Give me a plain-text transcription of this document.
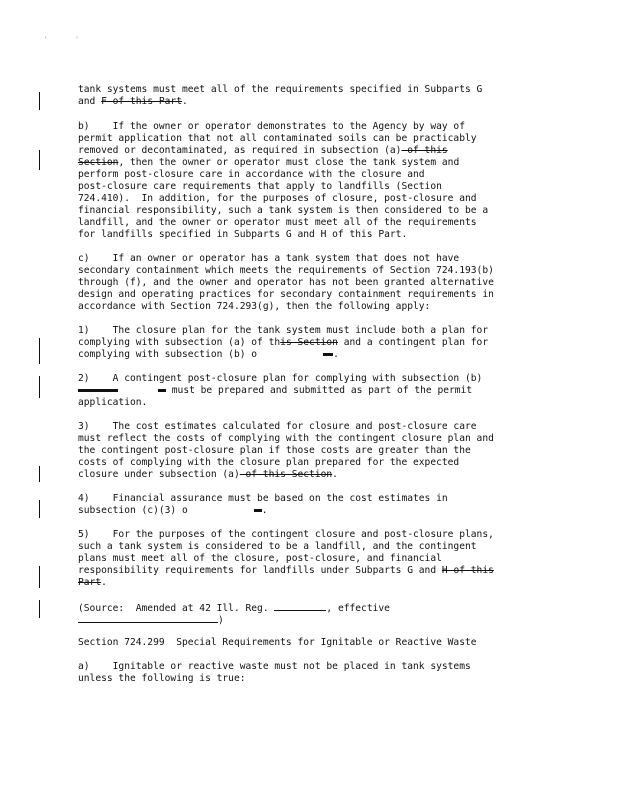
' '
tank systems must meet all of the requirements specified in Subparts G
and F of this Part.
b)    If the owner or operator demonstrates to the Agency by way of
permit application that not all contaminated soils can be practicably
removed or decontaminated, as required in subsection (a) of this
Section, then the owner or operator must close the tank system and
perform post-closure care in accordance with the closure and
post-closure care requirements that apply to landfills (Section
724.410).  In addition, for the purposes of closure, post-closure and
financial responsibility, such a tank system is then considered to be a
landfill, and the owner or operator must meet all of the requirements
for landfills specified in Subparts G and H of this Part.
c)    If an owner or operator has a tank system that does not have
secondary containment which meets the requirements of Section 724.193(b)
through (f), and the owner and operator has not been granted alternative
design and operating practices for secondary containment requirements in
accordance with Section 724.293(g), then the following apply:
1)    The closure plan for the tank system must include both a plan for
complying with subsection (a) of this Section and a contingent plan for
complying with subsection (b) o	.
2)    A contingent post-closure plan for complying with subsection (b)
must be prepared and submitted as part of the permit
application.
3)    The cost estimates calculated for closure and post-closure care
must reflect the costs of complying with the contingent closure plan and
the contingent post-closure plan if those costs are greater than the
costs of complying with the closure plan prepared for the expected
closure under subsection (a) of this Section.
4)    Financial assurance must be based on the cost estimates in
subsection (c)(3) o	.
5)    For the purposes of the contingent closure and post-closure plans,
such a tank system is considered to be a landfill, and the contingent
plans must meet all of the closure, post-closure, and financial
responsibility requirements for landfills under Subparts G and H of this
Part.
(Source:  Amended at 42 Ill. Reg.	, effective
)
Section 724.299  Special Requirements for Ignitable or Reactive Waste
a)    Ignitable or reactive waste must not be placed in tank systems
unless the following is true:
